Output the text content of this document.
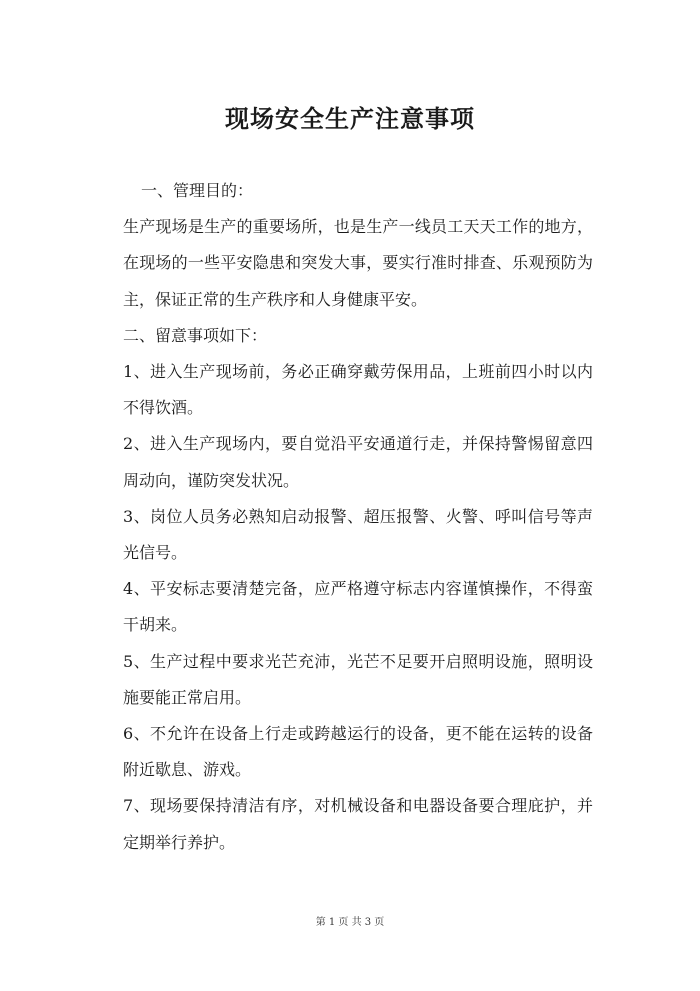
现场安全生产注意事项

一、管理目的：

生产现场是生产的重要场所，也是生产一线员工天天工作的地方，在现场的一些平安隐患和突发大事，要实行准时排查、乐观预防为主，保证正常的生产秩序和人身健康平安。

二、留意事项如下：

1、进入生产现场前，务必正确穿戴劳保用品，上班前四小时以内不得饮酒。

2、进入生产现场内，要自觉沿平安通道行走，并保持警惕留意四周动向，谨防突发状况。

3、岗位人员务必熟知启动报警、超压报警、火警、呼叫信号等声光信号。

4、平安标志要清楚完备，应严格遵守标志内容谨慎操作，不得蛮干胡来。

5、生产过程中要求光芒充沛，光芒不足要开启照明设施，照明设施要能正常启用。

6、不允许在设备上行走或跨越运行的设备，更不能在运转的设备附近歇息、游戏。

7、现场要保持清洁有序，对机械设备和电器设备要合理庇护，并定期举行养护。

第 1 页 共 3 页
